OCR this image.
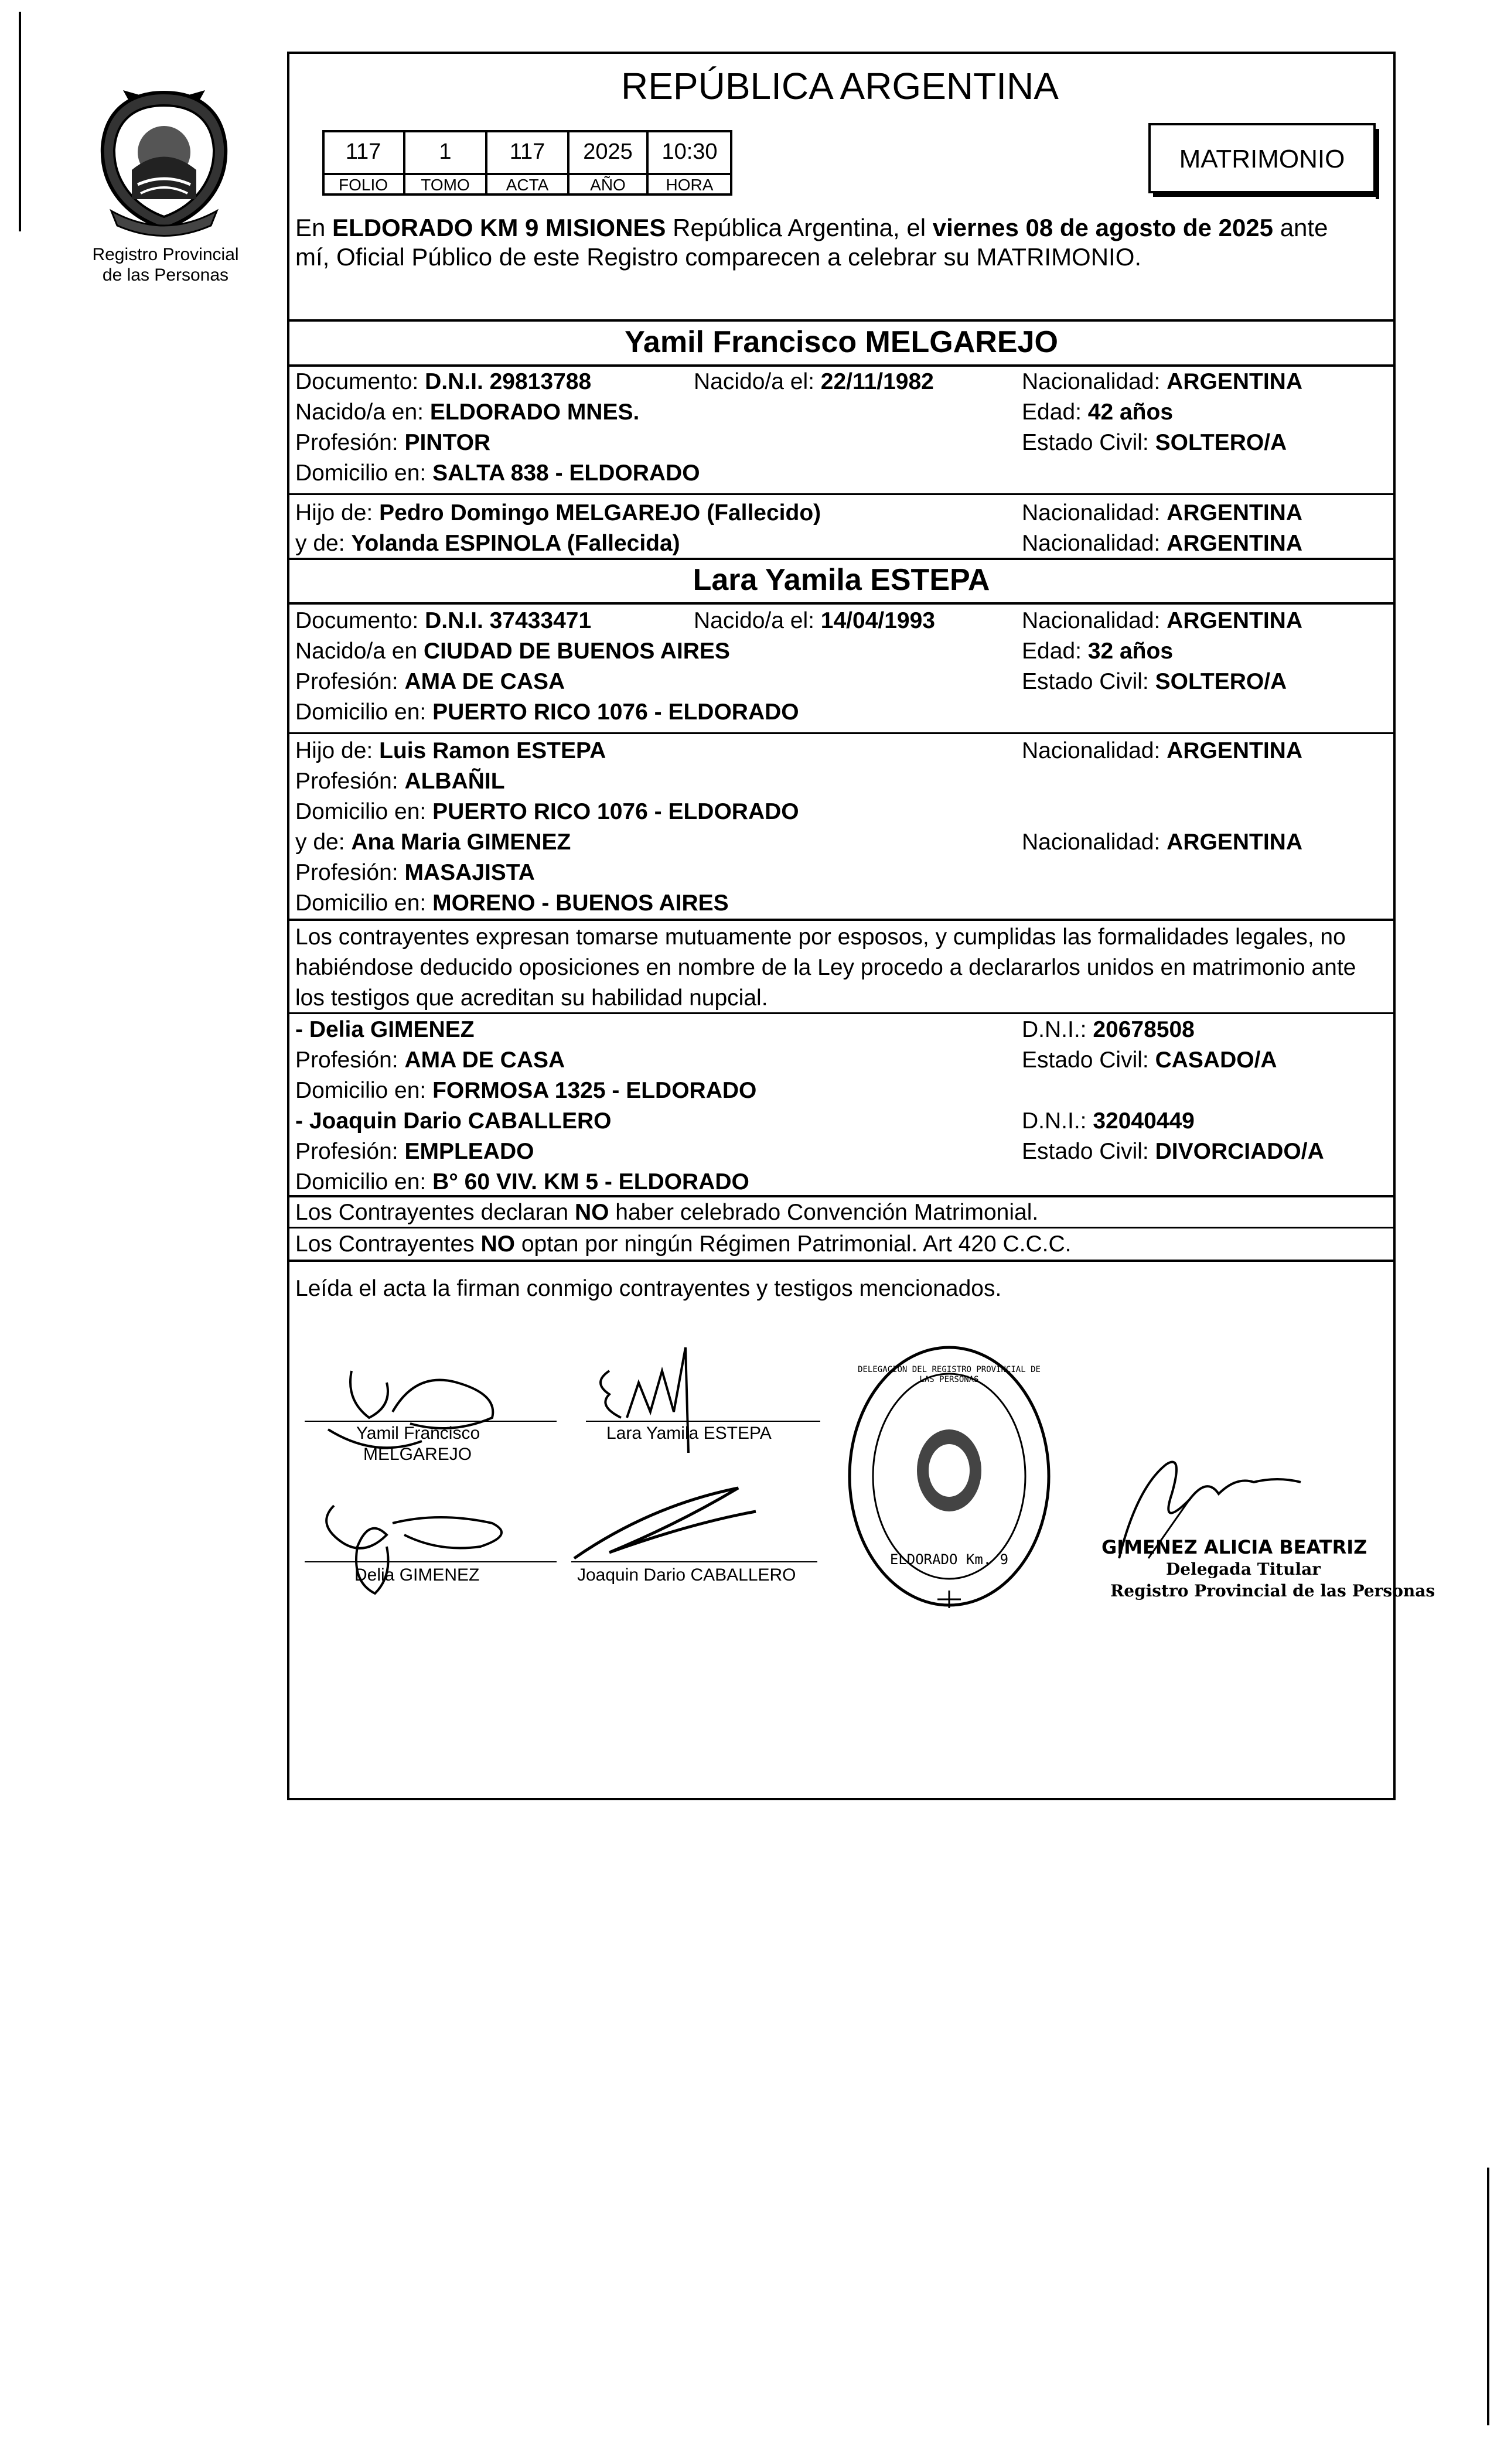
Registro Provincial
de las Personas
REPÚBLICA ARGENTINA
117	1	117	2025	10:30
FOLIO	TOMO	ACTA	AÑO	HORA
MATRIMONIO
En ELDORADO KM 9 MISIONES República Argentina, el viernes 08 de agosto de 2025 ante
mí, Oficial Público de este Registro comparecen a celebrar su MATRIMONIO.
Yamil Francisco MELGAREJO
Documento: D.N.I. 29813788	Nacido/a el: 22/11/1982	Nacionalidad: ARGENTINA
Nacido/a en: ELDORADO MNES.	Edad: 42 años
Profesión: PINTOR	Estado Civil: SOLTERO/A
Domicilio en: SALTA 838 - ELDORADO
Hijo de: Pedro Domingo MELGAREJO (Fallecido)	Nacionalidad: ARGENTINA
y de: Yolanda ESPINOLA (Fallecida)	Nacionalidad: ARGENTINA
Lara Yamila ESTEPA
Documento: D.N.I. 37433471	Nacido/a el: 14/04/1993	Nacionalidad: ARGENTINA
Nacido/a en CIUDAD DE BUENOS AIRES	Edad: 32 años
Profesión: AMA DE CASA	Estado Civil: SOLTERO/A
Domicilio en: PUERTO RICO 1076 - ELDORADO
Hijo de: Luis Ramon ESTEPA	Nacionalidad: ARGENTINA
Profesión: ALBAÑIL
Domicilio en: PUERTO RICO 1076 - ELDORADO
y de: Ana Maria GIMENEZ	Nacionalidad: ARGENTINA
Profesión: MASAJISTA
Domicilio en: MORENO - BUENOS AIRES
Los contrayentes expresan tomarse mutuamente por esposos, y cumplidas las formalidades legales, no
habiéndose deducido oposiciones en nombre de la Ley procedo a declararlos unidos en matrimonio ante
los testigos que acreditan su habilidad nupcial.
- Delia GIMENEZ	D.N.I.: 20678508
Profesión: AMA DE CASA	Estado Civil: CASADO/A
Domicilio en: FORMOSA 1325 - ELDORADO
- Joaquin Dario CABALLERO	D.N.I.: 32040449
Profesión: EMPLEADO	Estado Civil: DIVORCIADO/A
Domicilio en: B° 60 VIV. KM 5 - ELDORADO
Los Contrayentes declaran NO haber celebrado Convención Matrimonial.
Los Contrayentes NO optan por ningún Régimen Patrimonial. Art 420 C.C.C.
Leída el acta la firman conmigo contrayentes y testigos mencionados.
Yamil Francisco
MELGAREJO
Lara Yamila ESTEPA
Delia GIMENEZ	Joaquin Dario CABALLERO
DELEGACION DEL REGISTRO PROVINCIAL DE LAS PERSONAS
ELDORADO Km. 9
GIMENEZ ALICIA BEATRIZ
Delegada Titular
Registro Provincial de las Personas
